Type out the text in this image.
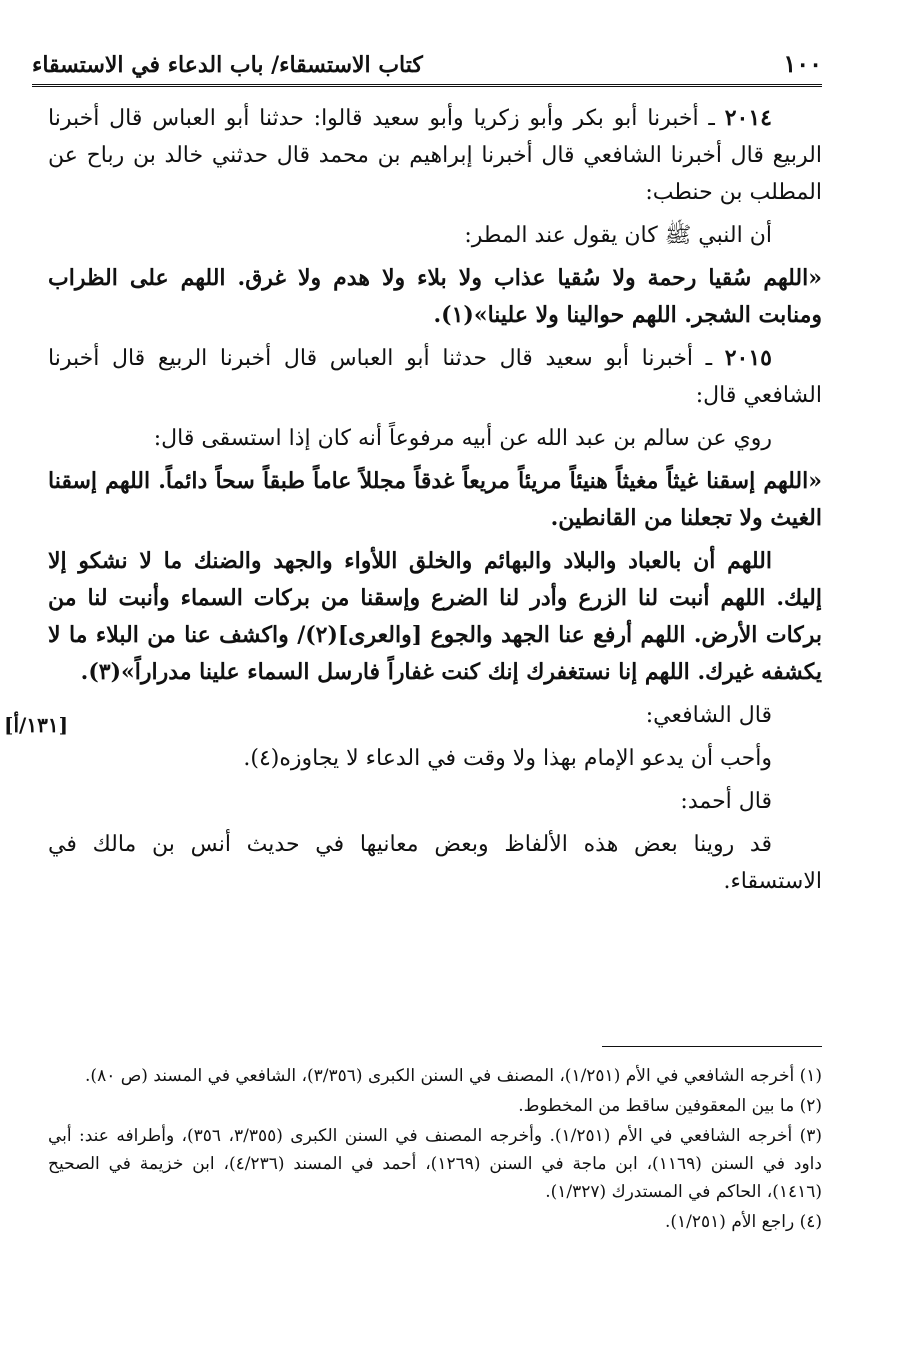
١٠٠
كتاب الاستسقاء/ باب الدعاء في الاستسقاء

٢٠١٤ ـ أخبرنا أبو بكر وأبو زكريا وأبو سعيد قالوا: حدثنا أبو العباس قال أخبرنا الربيع قال أخبرنا الشافعي قال أخبرنا إبراهيم بن محمد قال حدثني خالد بن رباح عن المطلب بن حنطب:

أن النبي ﷺ كان يقول عند المطر:

«اللهم سُقيا رحمة ولا سُقيا عذاب ولا بلاء ولا هدم ولا غرق. اللهم على الظراب ومنابت الشجر. اللهم حوالينا ولا علينا»(١).

٢٠١٥ ـ أخبرنا أبو سعيد قال حدثنا أبو العباس قال أخبرنا الربيع قال أخبرنا الشافعي قال:

روي عن سالم بن عبد الله عن أبيه مرفوعاً أنه كان إذا استسقى قال:

«اللهم إسقنا غيثاً مغيثاً هنيئاً مريئاً مريعاً غدقاً مجللاً عاماً طبقاً سحاً دائماً. اللهم إسقنا الغيث ولا تجعلنا من القانطين.

اللهم أن بالعباد والبلاد والبهائم والخلق اللأواء والجهد والضنك ما لا نشكو إلا إليك. اللهم أنبت لنا الزرع وأدر لنا الضرع وإسقنا من بركات السماء وأنبت لنا من بركات الأرض. اللهم أرفع عنا الجهد والجوع [والعرى](٢)/ واكشف عنا من البلاء ما لا يكشفه غيرك. اللهم إنا نستغفرك إنك كنت غفاراً فارسل السماء علينا مدراراً»(٣).

قال الشافعي:

وأحب أن يدعو الإمام بهذا ولا وقت في الدعاء لا يجاوزه(٤).

قال أحمد:

قد روينا بعض هذه الألفاظ وبعض معانيها في حديث أنس بن مالك في الاستسقاء.

[١٣١/أ]

(١) أخرجه الشافعي في الأم (١/٢٥١)، المصنف في السنن الكبرى (٣/٣٥٦)، الشافعي في المسند (ص ٨٠).

(٢) ما بين المعقوفين ساقط من المخطوط.

(٣) أخرجه الشافعي في الأم (١/٢٥١). وأخرجه المصنف في السنن الكبرى (٣/٣٥٥، ٣٥٦)، وأطرافه عند: أبي داود في السنن (١١٦٩)، ابن ماجة في السنن (١٢٦٩)، أحمد في المسند (٤/٢٣٦)، ابن خزيمة في الصحيح (١٤١٦)، الحاكم في المستدرك (١/٣٢٧).

(٤) راجع الأم (١/٢٥١).
